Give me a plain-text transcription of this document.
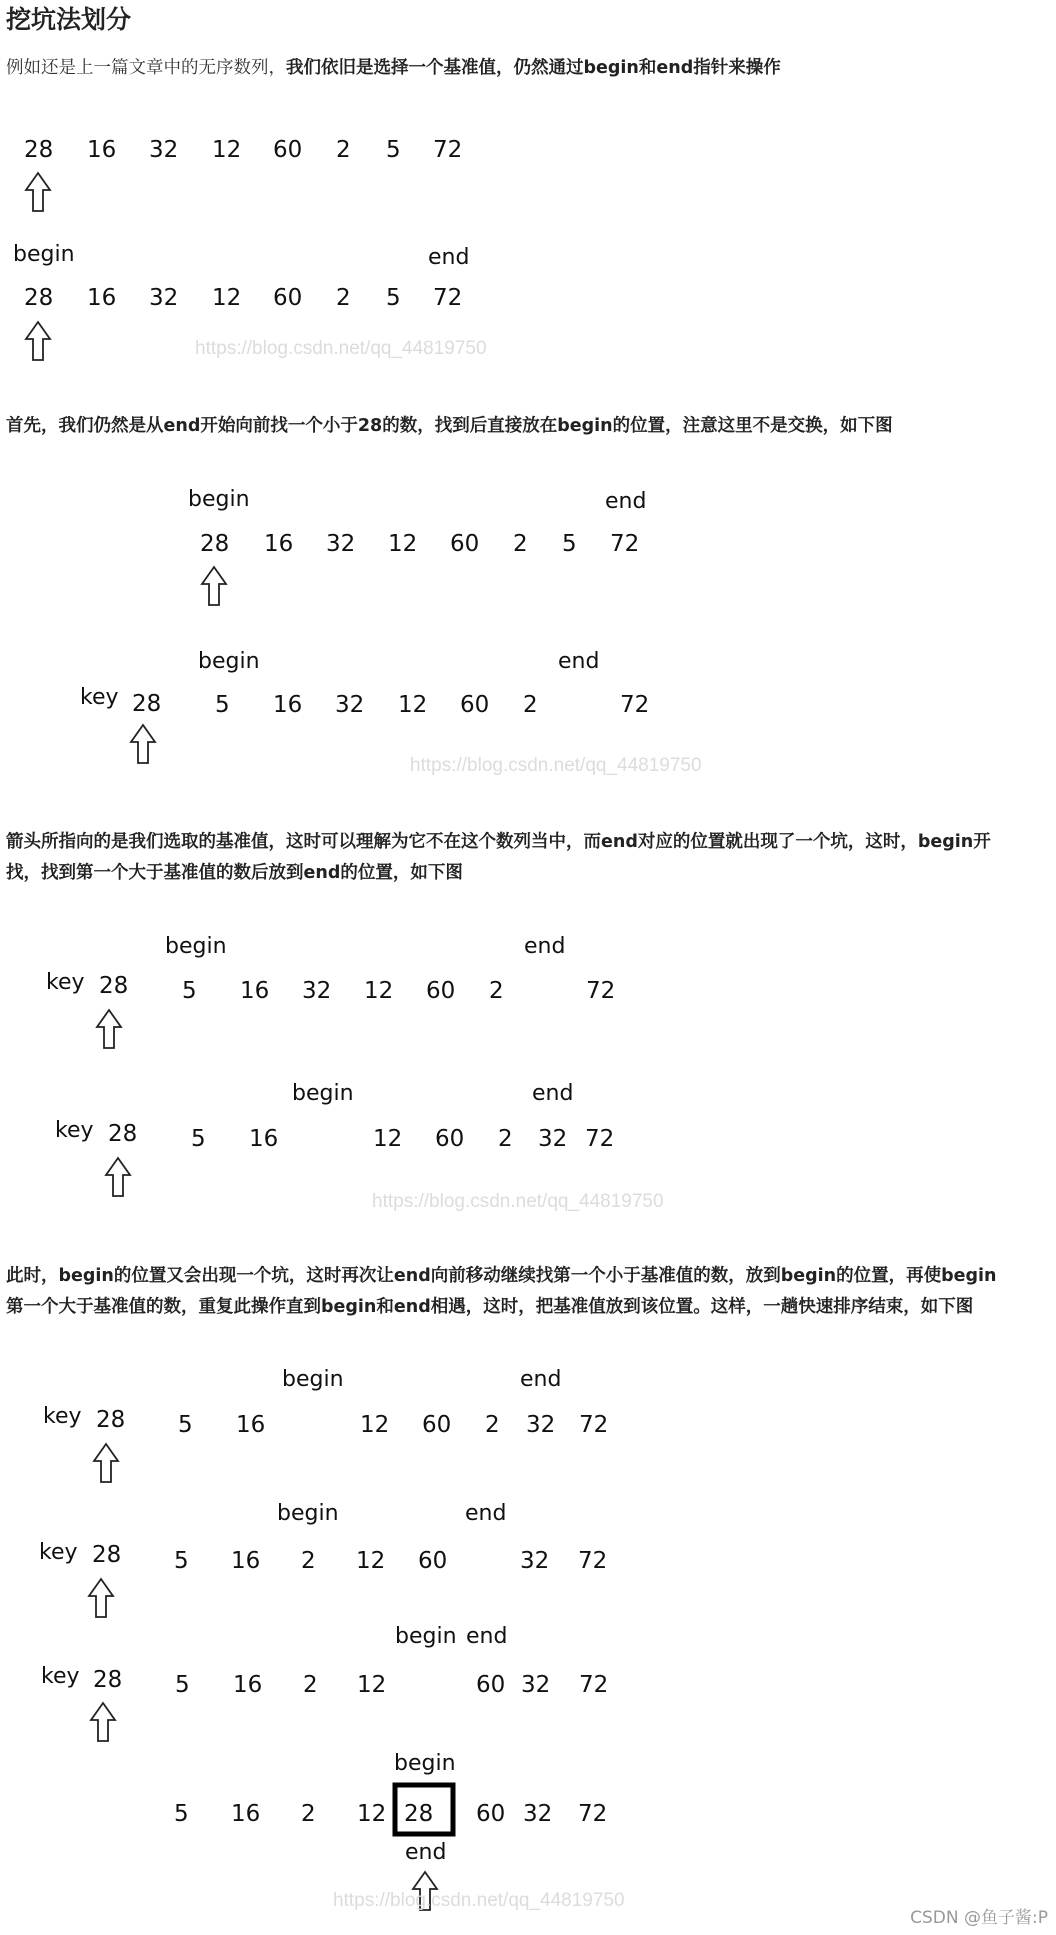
挖坑法划分
例如还是上一篇文章中的无序数列，我们依旧是选择一个基准值，仍然通过begin和end指针来操作
首先，我们仍然是从end开始向前找一个小于28的数，找到后直接放在begin的位置，注意这里不是交换，如下图
箭头所指向的是我们选取的基准值，这时可以理解为它不在这个数列当中，而end对应的位置就出现了一个坑，这时，begin开
找，找到第一个大于基准值的数后放到end的位置，如下图
此时，begin的位置又会出现一个坑，这时再次让end向前移动继续找第一个小于基准值的数，放到begin的位置，再使begin
第一个大于基准值的数，重复此操作直到begin和end相遇，这时，把基准值放到该位置。这样，一趟快速排序结束，如下图
28 16 32 12 60 2 5 72
28 16 32 12 60 2 5 72
begin	end
28 16 32 12 60 2 5 72
begin	end
key 28 5 16 32 12 60 2	72
begin	end
key 28 5 16 32 12 60 2	72
begin	end
key 28 5 16	12 60 2 32 72
begin	end
key 28 5 16	12 60 2 32 72
begin	end
key 28 5 16 2 12 60	32 72
begin	end
key 28 5 16 2 12	60 32 72
begin end
5 16 2 12 28 60 32 72
begin
end
https://blog.csdn.net/qq_44819750
https://blog.csdn.net/qq_44819750
https://blog.csdn.net/qq_44819750
https://blog.csdn.net/qq_44819750
CSDN @鱼子酱:P
